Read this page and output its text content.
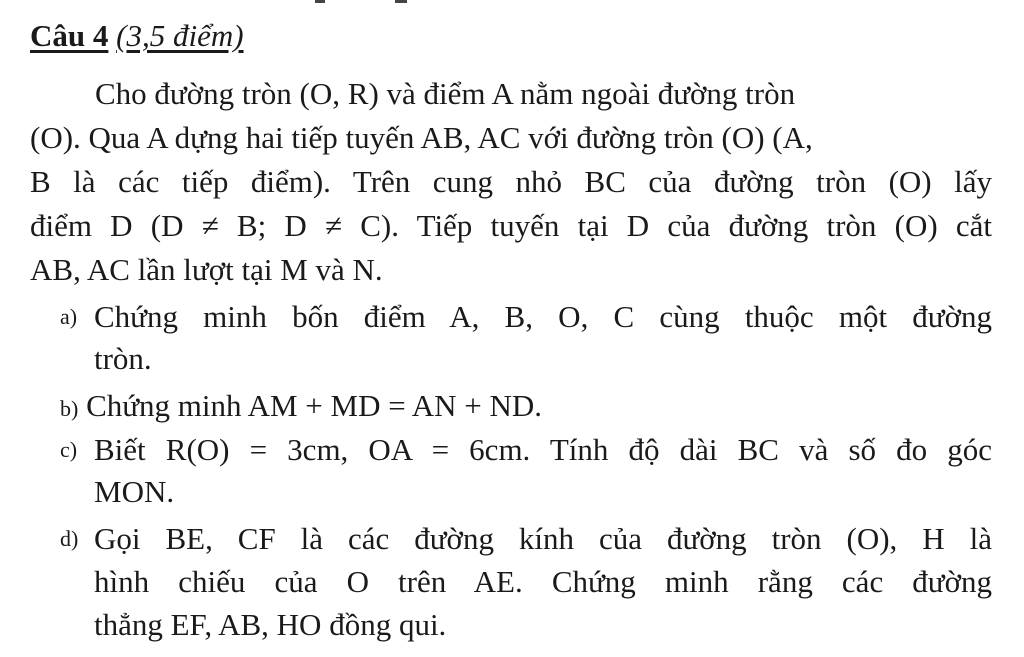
Câu 4 (3,5 điểm)
Cho đường tròn (O, R) và điểm A nằm ngoài đường tròn
(O). Qua A dựng hai tiếp tuyến AB, AC với đường tròn (O) (A,
B là các tiếp điểm). Trên cung nhỏ BC của đường tròn (O) lấy
điểm D (D ≠ B; D ≠ C). Tiếp tuyến tại D của đường tròn (O) cắt
AB, AC lần lượt tại M và N.
a) Chứng minh bốn điểm A, B, O, C cùng thuộc một đường
tròn.
b) Chứng minh AM + MD = AN + ND.
c) Biết R(O) = 3cm, OA = 6cm. Tính độ dài BC và số đo góc
MON.
d) Gọi BE, CF là các đường kính của đường tròn (O), H là
hình chiếu của O trên AE. Chứng minh rằng các đường
thẳng EF, AB, HO đồng qui.
